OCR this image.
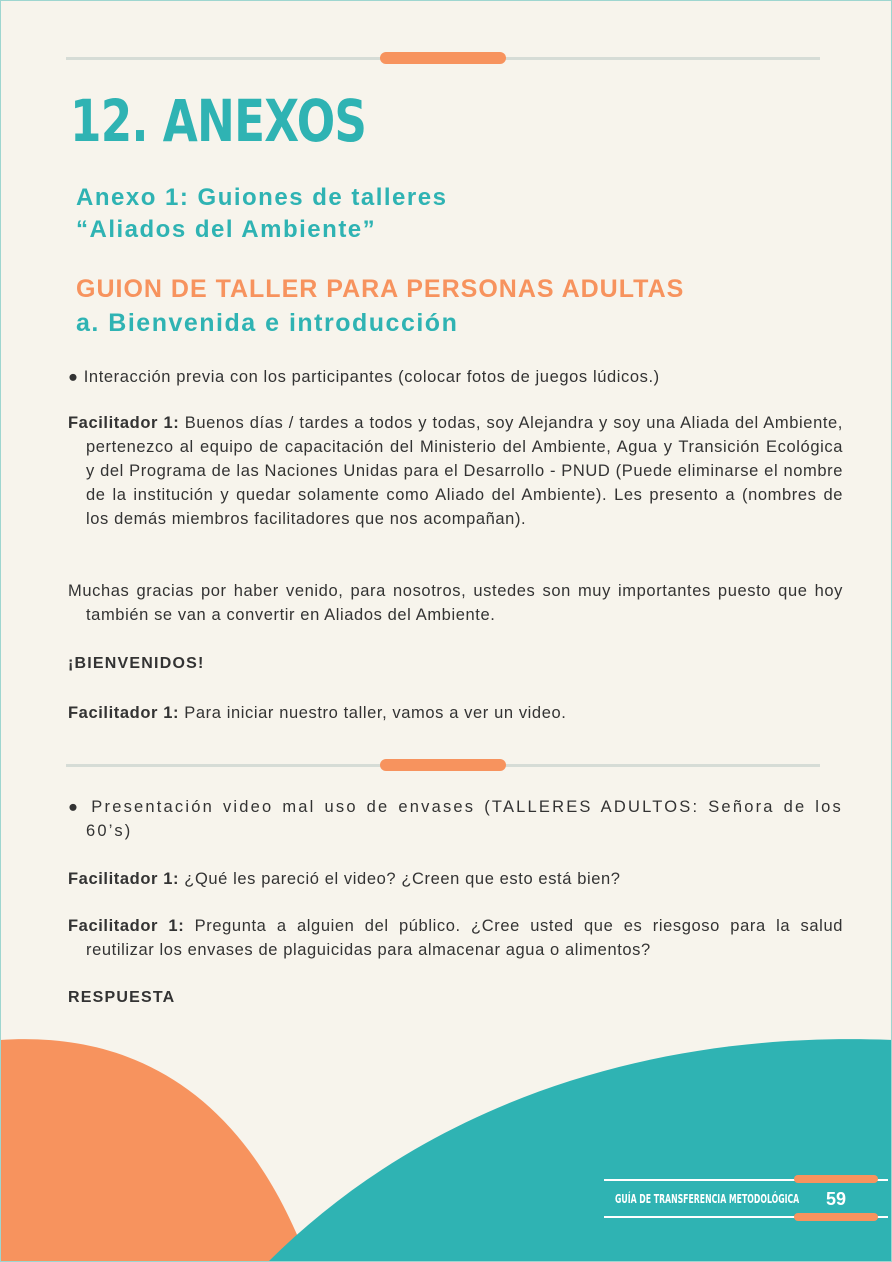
12. ANEXOS
Anexo 1: Guiones de talleres
“Aliados del Ambiente”
GUION DE TALLER PARA PERSONAS ADULTAS
a. Bienvenida e introducción

● Interacción previa con los participantes (colocar fotos de juegos lúdicos.)

Facilitador 1: Buenos días / tardes a todos y todas, soy Alejandra y soy una Aliada del Ambiente, pertenezco al equipo de capacitación del Ministerio del Ambiente, Agua y Transición Ecológica y del Programa de las Naciones Unidas para el Desarrollo - PNUD (Puede eliminarse el nombre de la institución y quedar solamente como Aliado del Ambiente). Les presento a (nombres de los demás miembros facilitadores que nos acompañan).

Muchas gracias por haber venido, para nosotros, ustedes son muy importantes puesto que hoy también se van a convertir en Aliados del Ambiente.

¡BIENVENIDOS!

Facilitador 1: Para iniciar nuestro taller, vamos a ver un video.

● Presentación video mal uso de envases (TALLERES ADULTOS: Señora de los 60’s)

Facilitador 1: ¿Qué les pareció el video? ¿Creen que esto está bien?

Facilitador 1: Pregunta a alguien del público. ¿Cree usted que es riesgoso para la salud reutilizar los envases de plaguicidas para almacenar agua o alimentos?

RESPUESTA

GUÍA DE TRANSFERENCIA METODOLÓGICA 59
